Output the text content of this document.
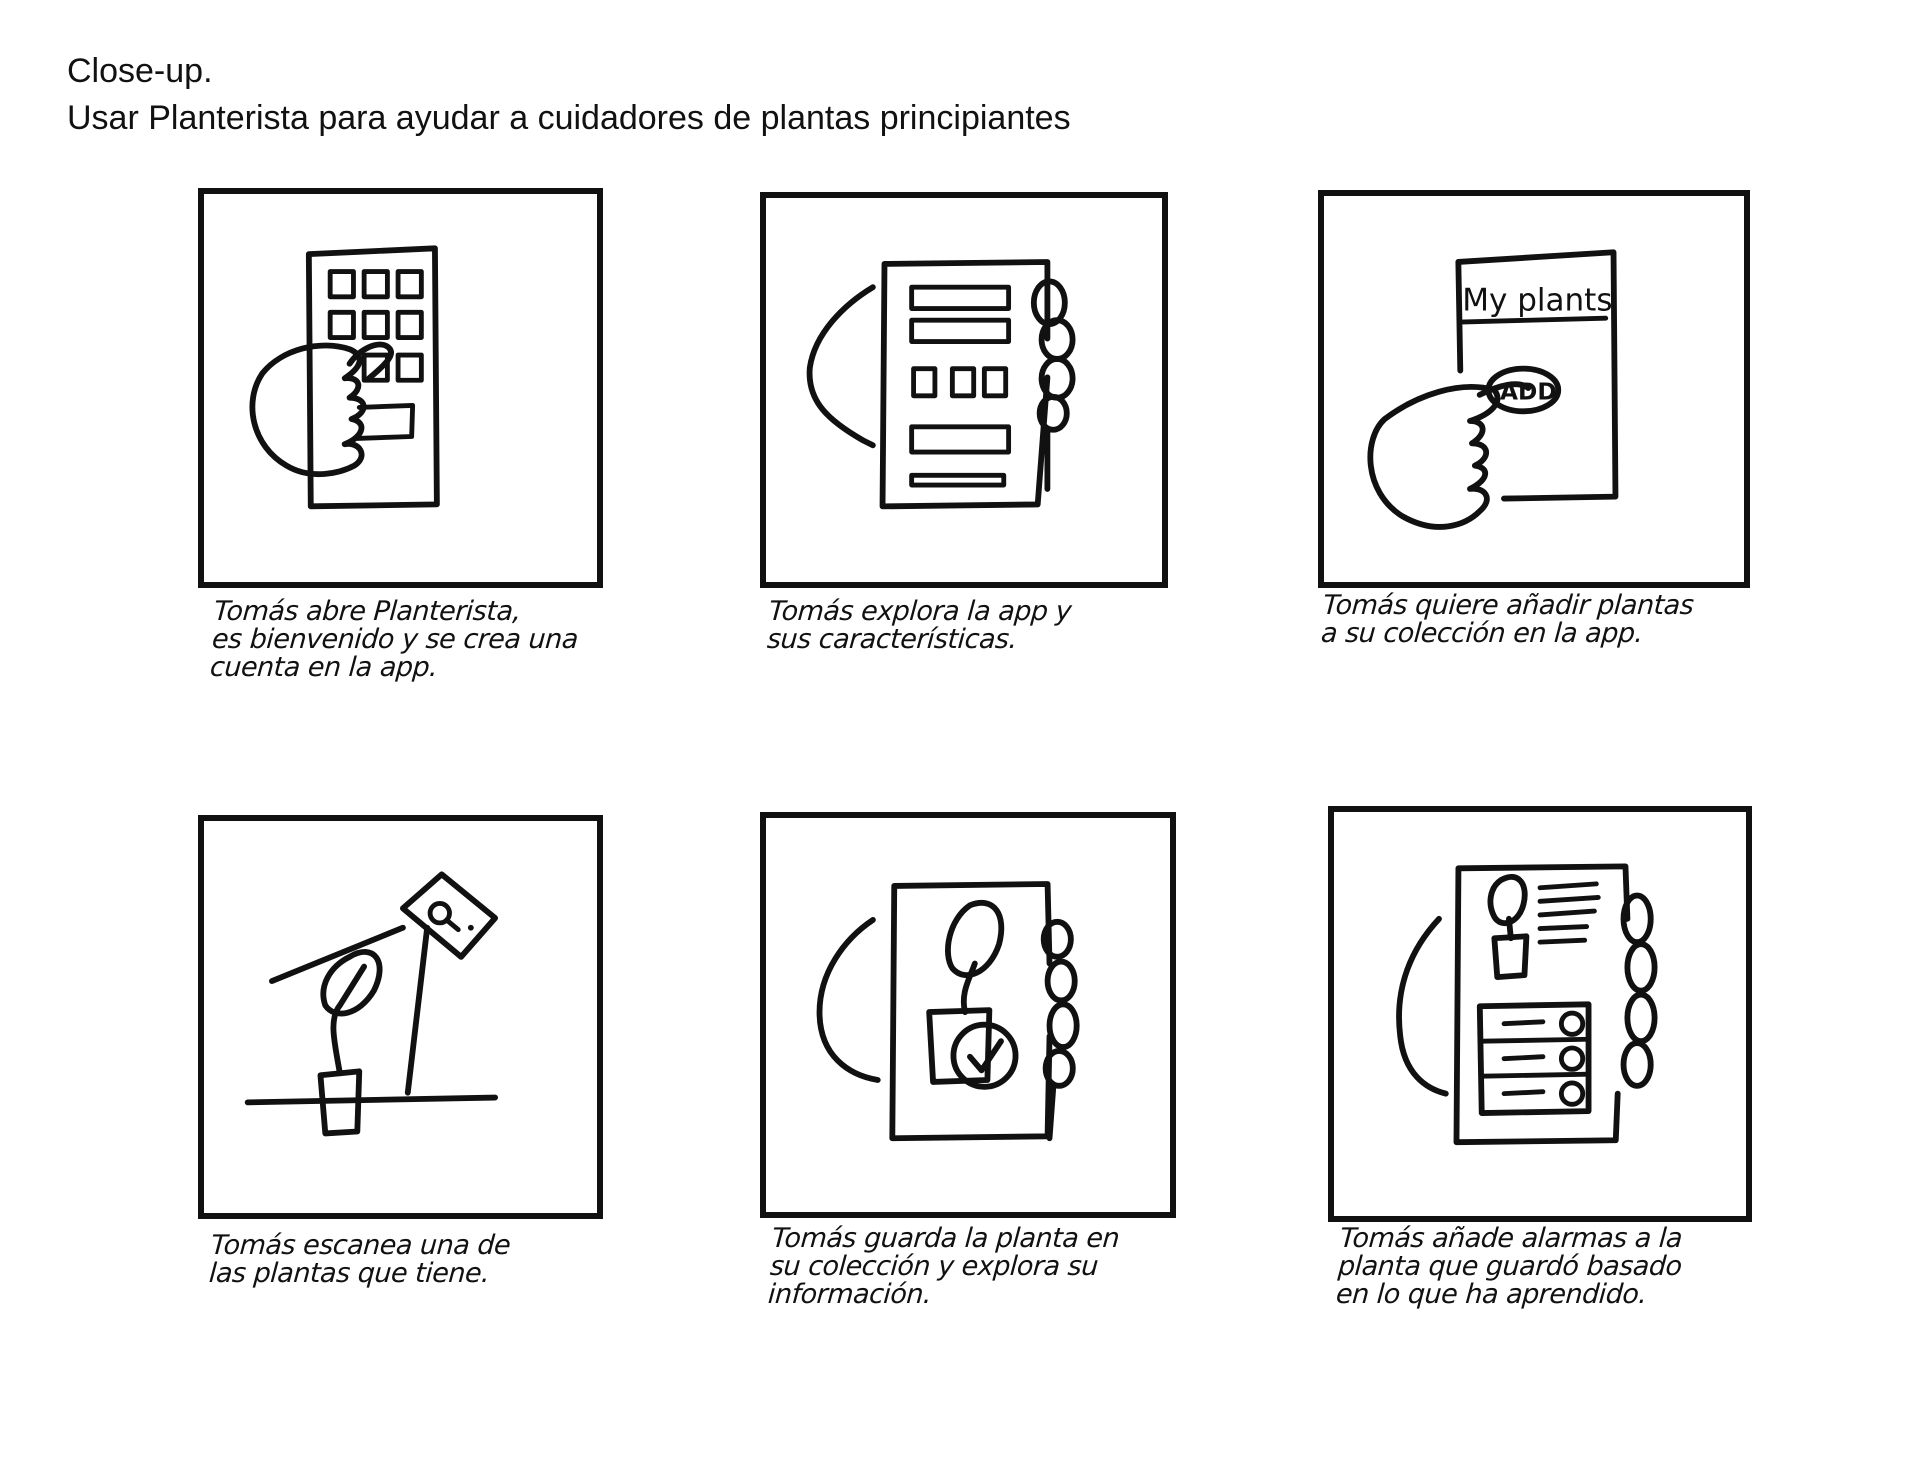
Close-up.
Usar Planterista para ayudar a cuidadores de plantas principiantes
Tomás abre Planterista,
es bienvenido y se crea una
cuenta en la app.
Tomás explora la app y
sus características.
My plants
ADD
Tomás quiere añadir plantas
a su colección en la app.
Tomás escanea una de
las plantas que tiene.
Tomás guarda la planta en
su colección y explora su
información.
Tomás añade alarmas a la
planta que guardó basado
en lo que ha aprendido.
